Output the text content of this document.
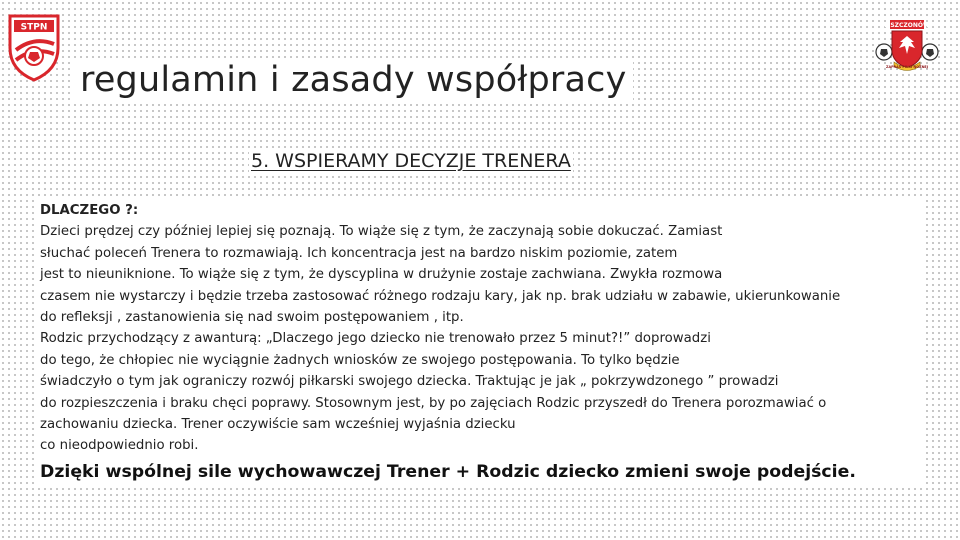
STPN	MSZCZONÓW
ZAPRAS PIŁKI NOŻNEJ
regulamin i zasady współpracy
5. WSPIERAMY DECYZJE TRENERA
DLACZEGO ?:
Dzieci prędzej czy później lepiej się poznają. To wiąże się z tym, że zaczynają sobie dokuczać. Zamiast
słuchać poleceń Trenera to rozmawiają. Ich koncentracja jest na bardzo niskim poziomie, zatem
jest to nieuniknione. To wiąże się z tym, że dyscyplina w drużynie zostaje zachwiana. Zwykła rozmowa
czasem nie wystarczy i będzie trzeba zastosować różnego rodzaju kary, jak np. brak udziału w zabawie, ukierunkowanie
do refleksji , zastanowienia się nad swoim postępowaniem , itp.
Rodzic przychodzący z awanturą: „Dlaczego jego dziecko nie trenowało przez 5 minut?!” doprowadzi
do tego, że chłopiec nie wyciągnie żadnych wniosków ze swojego postępowania. To tylko będzie
świadczyło o tym jak ograniczy rozwój piłkarski swojego dziecka. Traktując je jak „ pokrzywdzonego ” prowadzi
do rozpieszczenia i braku chęci poprawy. Stosownym jest, by po zajęciach Rodzic przyszedł do Trenera porozmawiać o
zachowaniu dziecka. Trener oczywiście sam wcześniej wyjaśnia dziecku
co nieodpowiednio robi.
Dzięki wspólnej sile wychowawczej Trener + Rodzic dziecko zmieni swoje podejście.
